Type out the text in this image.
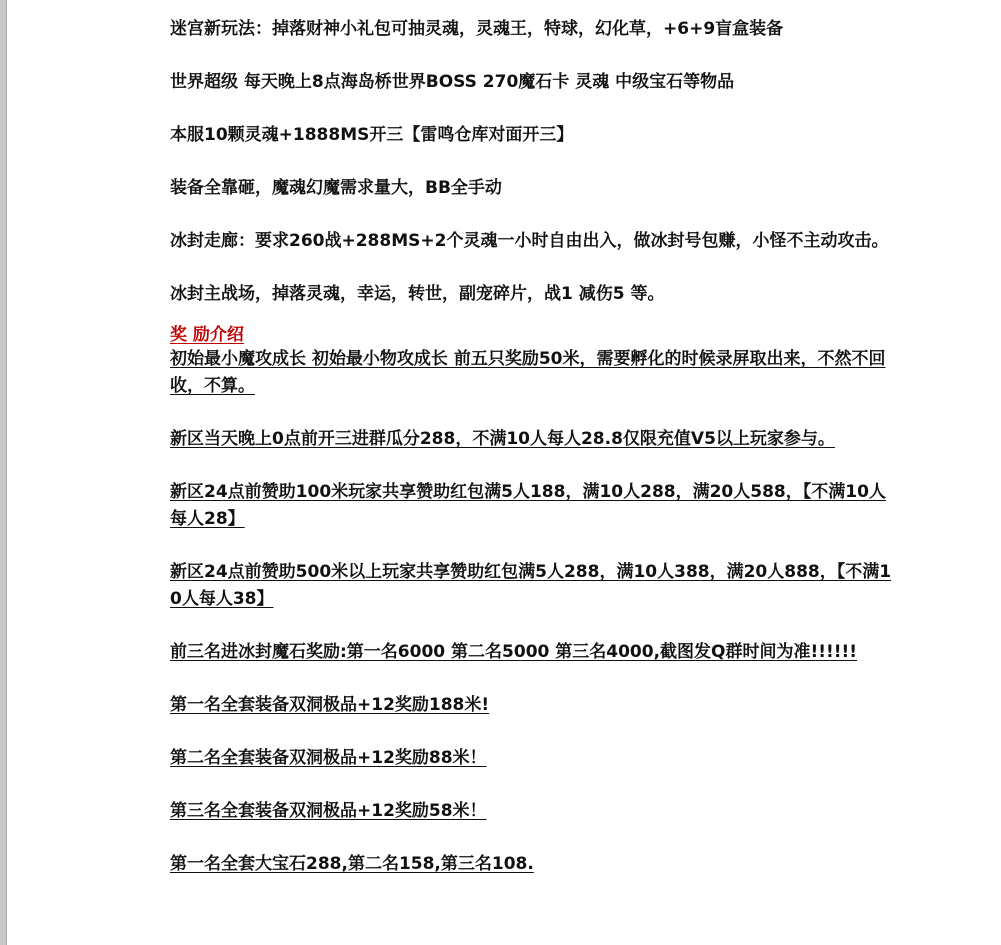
迷宫新玩法：掉落财神小礼包可抽灵魂，灵魂王，特球，幻化草，+6+9盲盒装备
世界超级 每天晚上8点海岛桥世界BOSS 270魔石卡 灵魂 中级宝石等物品
本服10颗灵魂+1888MS开三【雷鸣仓库对面开三】
装备全靠砸，魔魂幻魔需求量大，BB全手动
冰封走廊：要求260战+288MS+2个灵魂一小时自由出入，做冰封号包赚，小怪不主动攻击。
冰封主战场，掉落灵魂，幸运，转世，副宠碎片，战1 减伤5 等。
奖 励介绍
初始最小魔攻成长 初始最小物攻成长 前五只奖励50米，需要孵化的时候录屏取出来，不然不回收，不算。
新区当天晚上0点前开三进群瓜分288，不满10人每人28.8仅限充值V5以上玩家参与。
新区24点前赞助100米玩家共享赞助红包满5人188，满10人288，满20人588，【不满10人每人28】
新区24点前赞助500米以上玩家共享赞助红包满5人288，满10人388，满20人888，【不满10人每人38】
前三名进冰封魔石奖励:第一名6000 第二名5000 第三名4000,截图发Q群时间为准!!!!!!
第一名全套装备双洞极品+12奖励188米!
第二名全套装备双洞极品+12奖励88米！
第三名全套装备双洞极品+12奖励58米！
第一名全套大宝石288,第二名158,第三名108.
